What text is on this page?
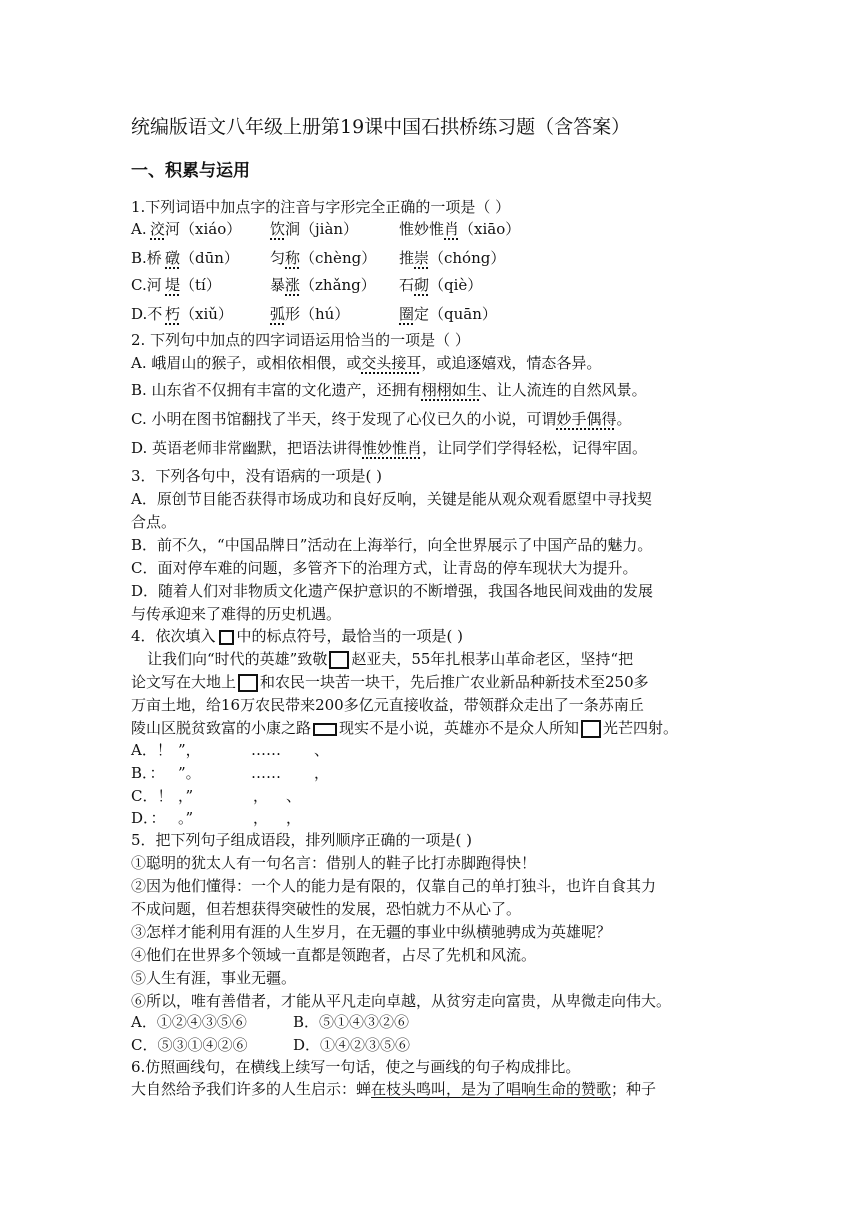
统编版语文八年级上册第19课中国石拱桥练习题（含答案）
一、积累与运用
1.下列词语中加点字的注音与字形完全正确的一项是（ ）
A. 洨 河（xiáo） 饮 涧（jiàn）	惟妙惟 肖 （xiāo）
B.桥 礅 （dūn） 匀 称 （chèng） 推 崇 （chóng）
C.河 堤 （tí）	暴 涨 （zhǎng） 石 砌 （qiè）
D.不 朽 （xiǔ） 弧 形（hú）	圈 定（quān）
2. 下列句中加点的四字词语运用恰当的一项是（ ）
A. 峨眉山的猴子，或相依相偎，或交头接耳，或追逐嬉戏，情态各异。
B. 山东省不仅拥有丰富的文化遗产，还拥有栩栩如生、让人流连的自然风景。
C. 小明在图书馆翻找了半天，终于发现了心仪已久的小说，可谓妙手偶得。
D. 英语老师非常幽默，把语法讲得惟妙惟肖，让同学们学得轻松，记得牢固。
3．下列各句中，没有语病的一项是( )
A．原创节目能否获得市场成功和良好反响，关键是能从观众观看愿望中寻找契
合点。
B．前不久，“中国品牌日”活动在上海举行，向全世界展示了中国产品的魅力。
C．面对停车难的问题，多管齐下的治理方式，让青岛的停车现状大为提升。
D．随着人们对非物质文化遗产保护意识的不断增强，我国各地民间戏曲的发展
与传承迎来了难得的历史机遇。
4．依次填入 中的标点符号，最恰当的一项是( )
让我们向“时代的英雄”致敬 赵亚夫，55年扎根茅山革命老区，坚持“把
论文写在大地上 和农民一块苦一块干，先后推广农业新品种新技术至250多
万亩土地，给16万农民带来200多亿元直接收益，带领群众走出了一条苏南丘
陵山区脱贫致富的小康之路 现实不是小说，英雄亦不是众人所知 光芒四射。
A．！ ”，	…… 、
B．： ”。	…… ，
C．！ ，”	， 、
D．： 。”	， ，
5．把下列句子组成语段，排列顺序正确的一项是( )
①聪明的犹太人有一句名言：借别人的鞋子比打赤脚跑得快！
②因为他们懂得：一个人的能力是有限的，仅靠自己的单打独斗，也许自食其力
不成问题，但若想获得突破性的发展，恐怕就力不从心了。
③怎样才能利用有涯的人生岁月，在无疆的事业中纵横驰骋成为英雄呢？
④他们在世界多个领域一直都是领跑者，占尽了先机和风流。
⑤人生有涯，事业无疆。
⑥所以，唯有善借者，才能从平凡走向卓越，从贫穷走向富贵，从卑微走向伟大。
A．①②④③⑤⑥	B．⑤①④③②⑥
C．⑤③①④②⑥	D．①④②③⑤⑥
6.仿照画线句，在横线上续写一句话，使之与画线的句子构成排比。
大自然给予我们许多的人生启示：蝉在枝头鸣叫，是为了唱响生命的赞歌；种子
